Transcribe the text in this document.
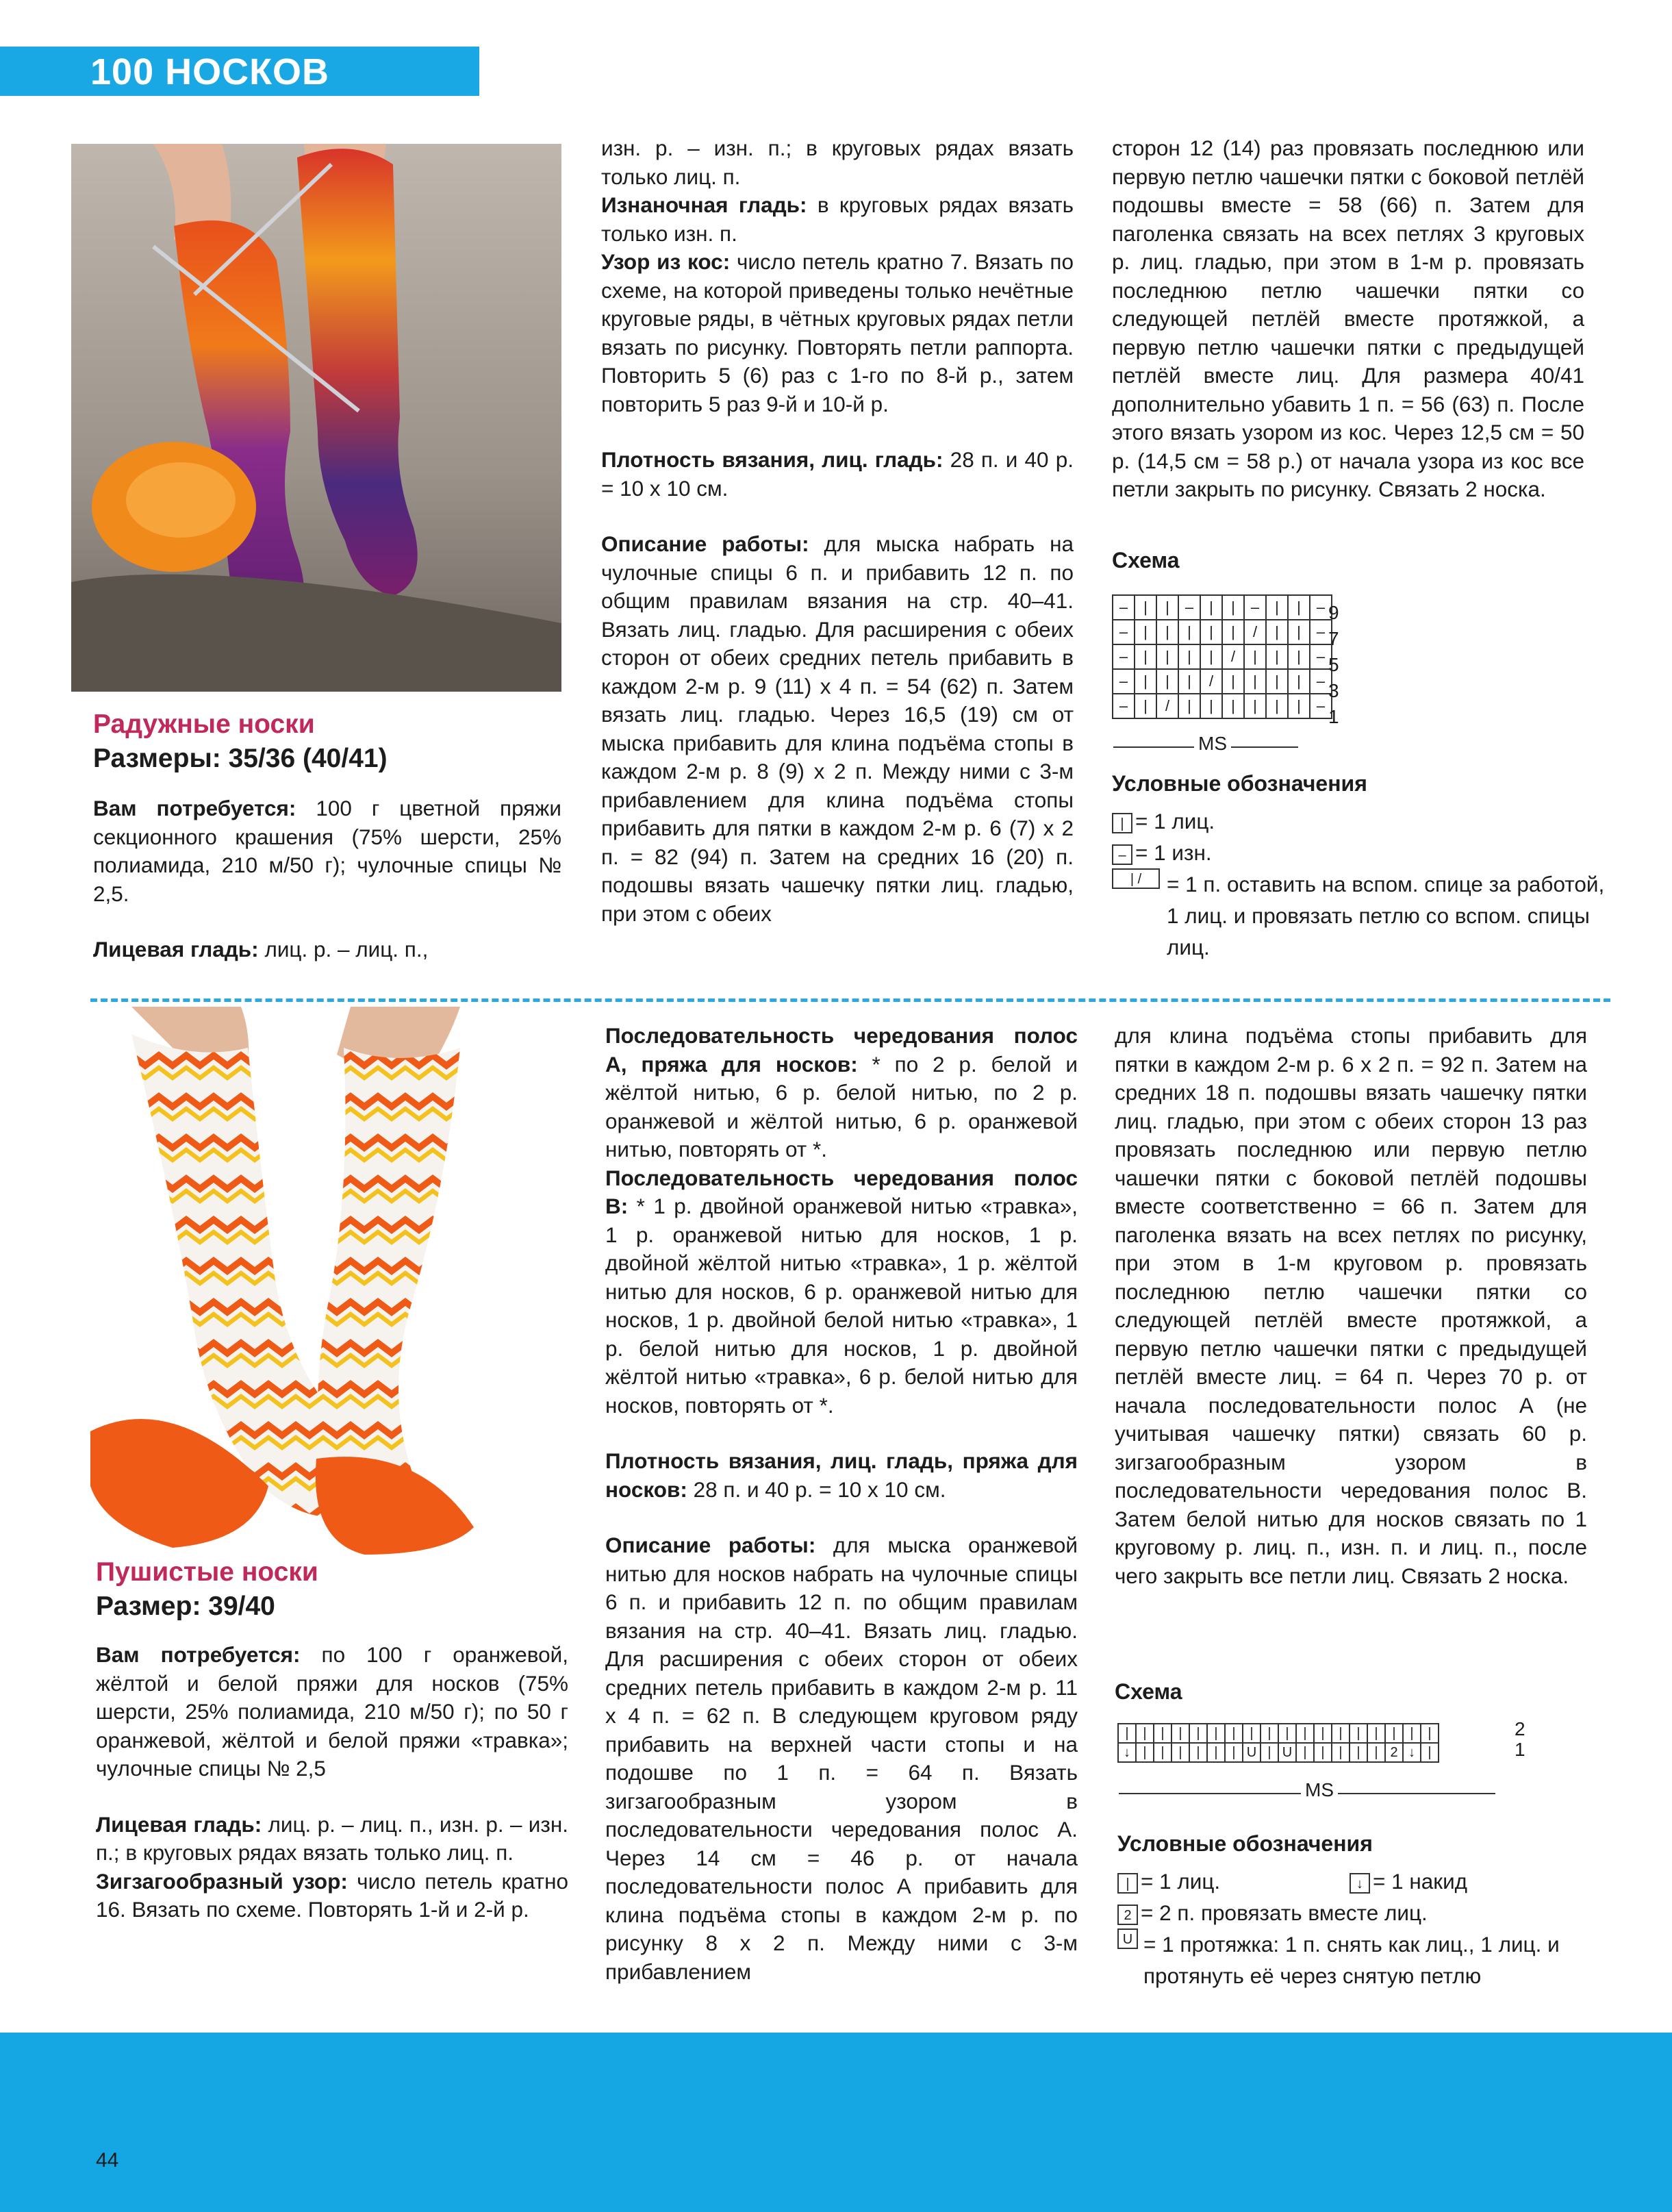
100 НОСКОВ
Радужные носки
Размеры: 35/36 (40/41)

Вам потребуется: 100 г цветной пряжи секционного крашения (75% шерсти, 25% полиамида, 210 м/50 г); чулочные спицы № 2,5.

Лицевая гладь: лиц. р. – лиц. п.,

изн. р. – изн. п.; в круговых рядах вязать только лиц. п.

Изнаночная гладь: в круговых рядах вязать только изн. п.

Узор из кос: число петель кратно 7. Вязать по схеме, на которой приведены только нечётные круговые ряды, в чётных круговых рядах петли вязать по рисунку. Повторять петли раппорта. Повторить 5 (6) раз с 1-го по 8-й р., затем повторить 5 раз 9-й и 10-й р.

Плотность вязания, лиц. гладь: 28 п. и 40 р. = 10 х 10 см.

Описание работы: для мыска набрать на чулочные спицы 6 п. и прибавить 12 п. по общим правилам вязания на стр. 40–41. Вязать лиц. гладью. Для расширения с обеих сторон от обеих средних петель прибавить в каждом 2-м р. 9 (11) х 4 п. = 54 (62) п. Затем вязать лиц. гладью. Через 16,5 (19) см от мыска прибавить для клина подъёма стопы в каждом 2-м р. 8 (9) х 2 п. Между ними с 3-м прибавлением для клина подъёма стопы прибавить для пятки в каждом 2-м р. 6 (7) х 2 п. = 82 (94) п. Затем на средних 16 (20) п. подошвы вязать чашечку пятки лиц. гладью, при этом с обеих

сторон 12 (14) раз провязать последнюю или первую петлю чашечки пятки с боковой петлёй подошвы вместе = 58 (66) п. Затем для паголенка связать на всех петлях 3 круговых р. лиц. гладью, при этом в 1-м р. провязать последнюю петлю чашечки пятки со следующей петлёй вместе протяжкой, а первую петлю чашечки пятки с предыдущей петлёй вместе лиц. Для размера 40/41 дополнительно убавить 1 п. = 56 (63) п. После этого вязать узором из кос. Через 12,5 см = 50 р. (14,5 см = 58 р.) от начала узора из кос все петли закрыть по рисунку. Связать 2 носка.

Схема
–	|	|	–	|	|	–	|	|	–
–	|	|	|	|	|	/	|	|	–
–	|	|	|	|	/	|	|	|	–
–	|	|	|	/	|	|	|	|	–
–	|	/	|	|	|	|	|	|	–
9
7
5
3
1
MS
Условные обозначения
| = 1 лиц.
– = 1 изн.
| /	= 1 п. оставить на вспом. спице за работой, 1 лиц. и провязать петлю со вспом. спицы лиц.
Пушистые носки
Размер: 39/40

Вам потребуется: по 100 г оранжевой, жёлтой и белой пряжи для носков (75% шерсти, 25% полиамида, 210 м/50 г); по 50 г оранжевой, жёлтой и белой пряжи «травка»; чулочные спицы № 2,5

Лицевая гладь: лиц. р. – лиц. п., изн. р. – изн. п.; в круговых рядах вязать только лиц. п.

Зигзагообразный узор: число петель кратно 16. Вязать по схеме. Повторять 1-й и 2-й р.

Последовательность чередования полос А, пряжа для носков: * по 2 р. белой и жёлтой нитью, 6 р. белой нитью, по 2 р. оранжевой и жёлтой нитью, 6 р. оранжевой нитью, повторять от *.

Последовательность чередования полос В: * 1 р. двойной оранжевой нитью «травка», 1 р. оранжевой нитью для носков, 1 р. двойной жёлтой нитью «травка», 1 р. жёлтой нитью для носков, 6 р. оранжевой нитью для носков, 1 р. двойной белой нитью «травка», 1 р. белой нитью для носков, 1 р. двойной жёлтой нитью «травка», 6 р. белой нитью для носков, повторять от *.

Плотность вязания, лиц. гладь, пряжа для носков: 28 п. и 40 р. = 10 х 10 см.

Описание работы: для мыска оранжевой нитью для носков набрать на чулочные спицы 6 п. и прибавить 12 п. по общим правилам вязания на стр. 40–41. Вязать лиц. гладью. Для расширения с обеих сторон от обеих средних петель прибавить в каждом 2-м р. 11 х 4 п. = 62 п. В следующем круговом ряду прибавить на верхней части стопы и на подошве по 1 п. = 64 п. Вязать зигзагообразным узором в последовательности чередования полос А. Через 14 см = 46 р. от начала последовательности полос А прибавить для клина подъёма стопы в каждом 2-м р. по рисунку 8 х 2 п. Между ними с 3-м прибавлением

для клина подъёма стопы прибавить для пятки в каждом 2-м р. 6 х 2 п. = 92 п. Затем на средних 18 п. подошвы вязать чашечку пятки лиц. гладью, при этом с обеих сторон 13 раз провязать последнюю или первую петлю чашечки пятки с боковой петлёй подошвы вместе соответственно = 66 п. Затем для паголенка вязать на всех петлях по рисунку, при этом в 1-м круговом р. провязать последнюю петлю чашечки пятки со следующей петлёй вместе протяжкой, а первую петлю чашечки пятки с предыдущей петлёй вместе лиц. = 64 п. Через 70 р. от начала последовательности полос А (не учитывая чашечку пятки) связать 60 р. зигзагообразным узором в последовательности чередования полос В. Затем белой нитью для носков связать по 1 круговому р. лиц. п., изн. п. и лиц. п., после чего закрыть все петли лиц. Связать 2 носка.

Схема
|	|	|	|	|	|	|	|	|	|	|	|	|	|	|	|	|	|
↓	|	|	|	|	|	|	U	|	U	|	|	|	|	|	2	↓	|
2
1
MS
Условные обозначения
| = 1 лиц.	↓ = 1 накид
2 = 2 п. провязать вместе лиц.
U = 1 протяжка: 1 п. снять как лиц., 1 лиц. и протянуть её через снятую петлю
44
